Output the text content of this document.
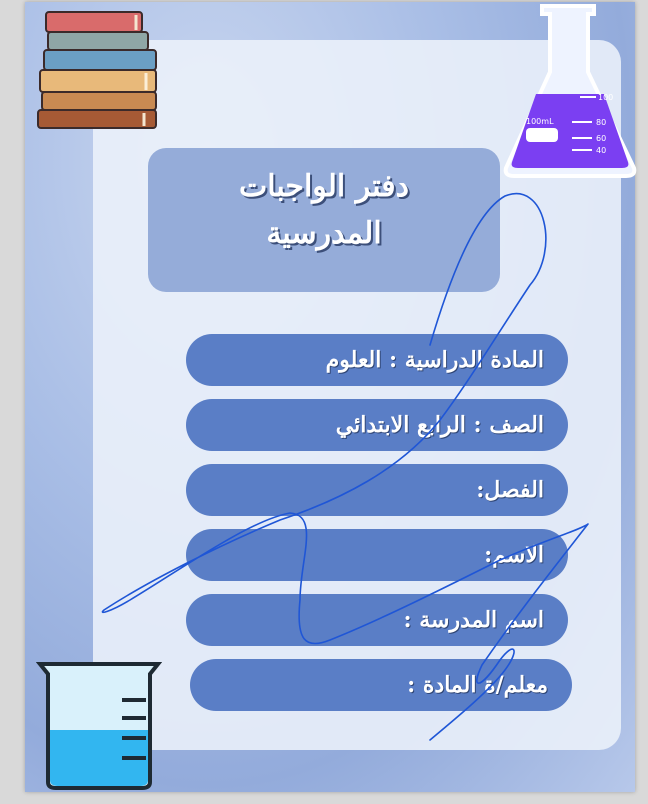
100mL
100
80
60
40
دفتر الواجبات
المدرسية
المادة الدراسية : العلوم
الصف : الرابع الابتدائي
الفصل:
الاسم:
اسم المدرسة :
معلم/ة المادة :
